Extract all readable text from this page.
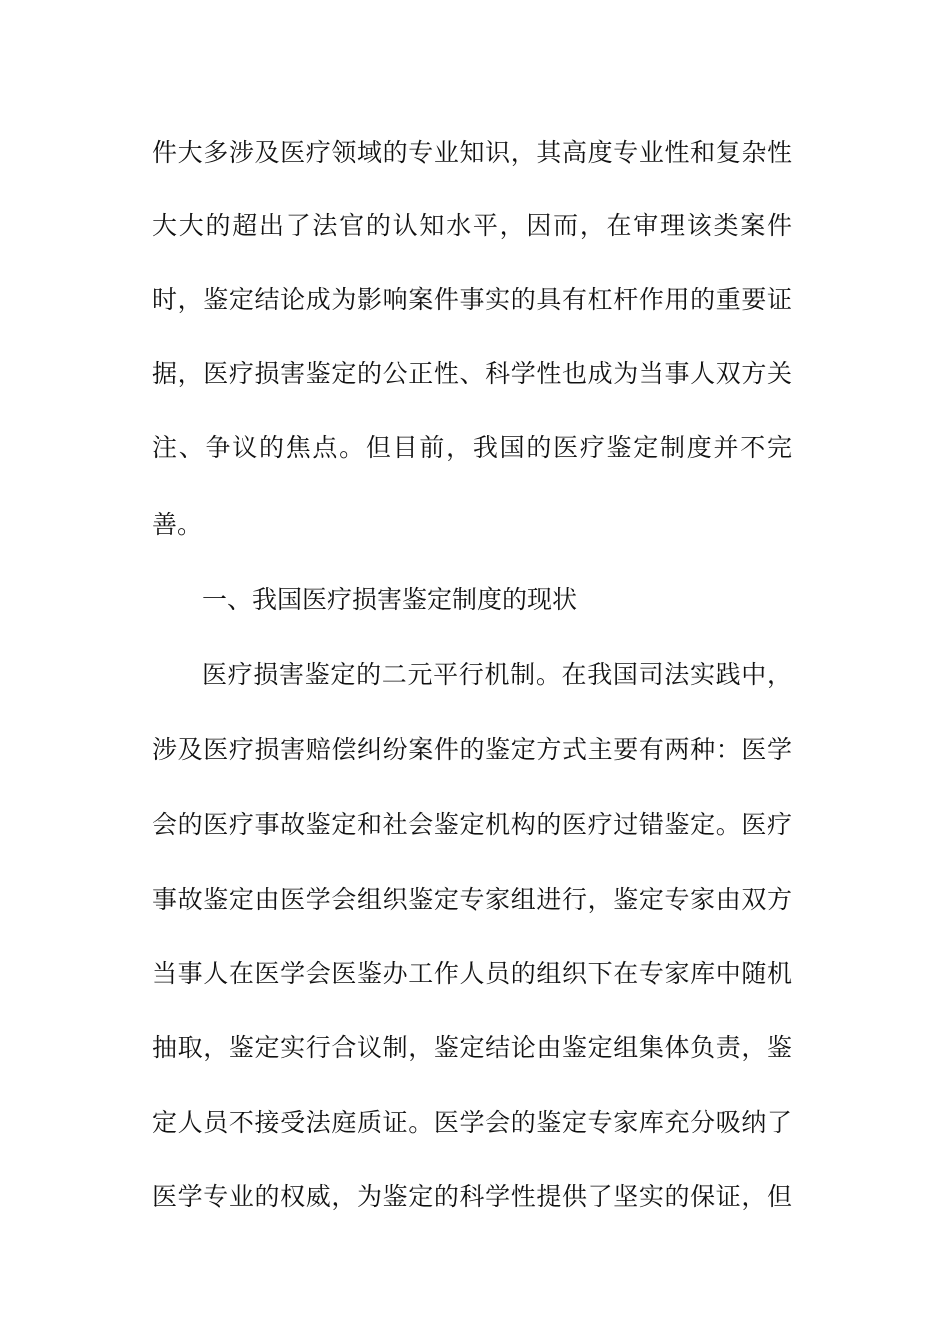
件大多涉及医疗领域的专业知识，其高度专业性和复杂性
大大的超出了法官的认知水平，因而，在审理该类案件
时，鉴定结论成为影响案件事实的具有杠杆作用的重要证
据，医疗损害鉴定的公正性、科学性也成为当事人双方关
注、争议的焦点。但目前，我国的医疗鉴定制度并不完
善。
一、我国医疗损害鉴定制度的现状
医疗损害鉴定的二元平行机制。在我国司法实践中，
涉及医疗损害赔偿纠纷案件的鉴定方式主要有两种：医学
会的医疗事故鉴定和社会鉴定机构的医疗过错鉴定。医疗
事故鉴定由医学会组织鉴定专家组进行，鉴定专家由双方
当事人在医学会医鉴办工作人员的组织下在专家库中随机
抽取，鉴定实行合议制，鉴定结论由鉴定组集体负责，鉴
定人员不接受法庭质证。医学会的鉴定专家库充分吸纳了
医学专业的权威，为鉴定的科学性提供了坚实的保证，但
